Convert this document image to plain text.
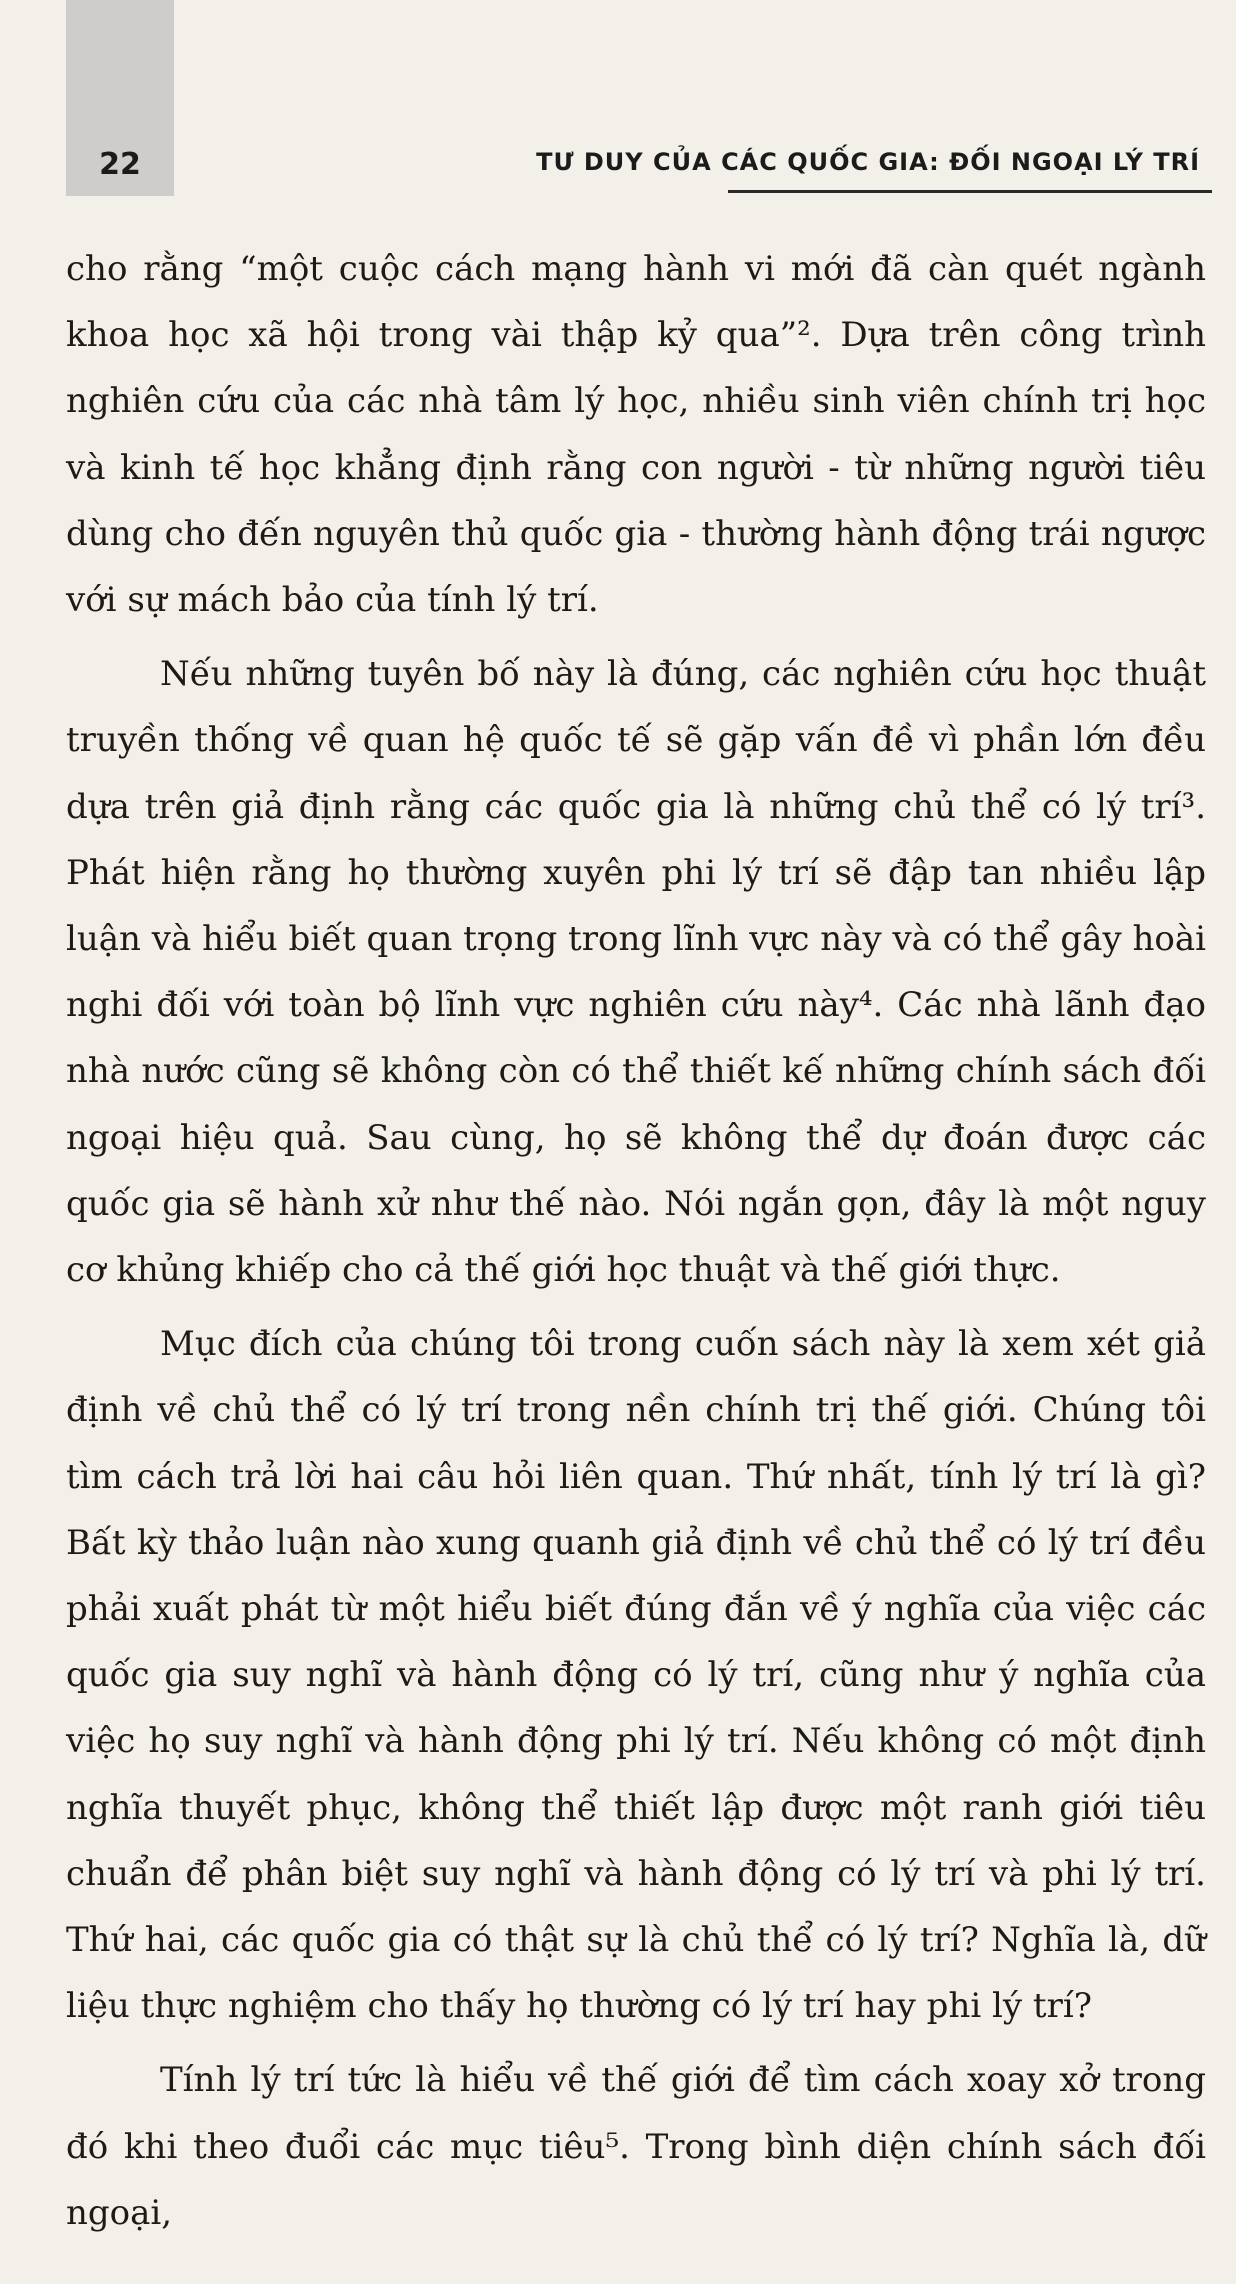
22	TƯ DUY CỦA CÁC QUỐC GIA: ĐỐI NGOẠI LÝ TRÍ

cho rằng “một cuộc cách mạng hành vi mới đã càn quét ngành khoa học xã hội trong vài thập kỷ qua”². Dựa trên công trình nghiên cứu của các nhà tâm lý học, nhiều sinh viên chính trị học và kinh tế học khẳng định rằng con người - từ những người tiêu dùng cho đến nguyên thủ quốc gia - thường hành động trái ngược với sự mách bảo của tính lý trí.

Nếu những tuyên bố này là đúng, các nghiên cứu học thuật truyền thống về quan hệ quốc tế sẽ gặp vấn đề vì phần lớn đều dựa trên giả định rằng các quốc gia là những chủ thể có lý trí³. Phát hiện rằng họ thường xuyên phi lý trí sẽ đập tan nhiều lập luận và hiểu biết quan trọng trong lĩnh vực này và có thể gây hoài nghi đối với toàn bộ lĩnh vực nghiên cứu này⁴. Các nhà lãnh đạo nhà nước cũng sẽ không còn có thể thiết kế những chính sách đối ngoại hiệu quả. Sau cùng, họ sẽ không thể dự đoán được các quốc gia sẽ hành xử như thế nào. Nói ngắn gọn, đây là một nguy cơ khủng khiếp cho cả thế giới học thuật và thế giới thực.

Mục đích của chúng tôi trong cuốn sách này là xem xét giả định về chủ thể có lý trí trong nền chính trị thế giới. Chúng tôi tìm cách trả lời hai câu hỏi liên quan. Thứ nhất, tính lý trí là gì? Bất kỳ thảo luận nào xung quanh giả định về chủ thể có lý trí đều phải xuất phát từ một hiểu biết đúng đắn về ý nghĩa của việc các quốc gia suy nghĩ và hành động có lý trí, cũng như ý nghĩa của việc họ suy nghĩ và hành động phi lý trí. Nếu không có một định nghĩa thuyết phục, không thể thiết lập được một ranh giới tiêu chuẩn để phân biệt suy nghĩ và hành động có lý trí và phi lý trí. Thứ hai, các quốc gia có thật sự là chủ thể có lý trí? Nghĩa là, dữ liệu thực nghiệm cho thấy họ thường có lý trí hay phi lý trí?

Tính lý trí tức là hiểu về thế giới để tìm cách xoay xở trong đó khi theo đuổi các mục tiêu⁵. Trong bình diện chính sách đối ngoại,
